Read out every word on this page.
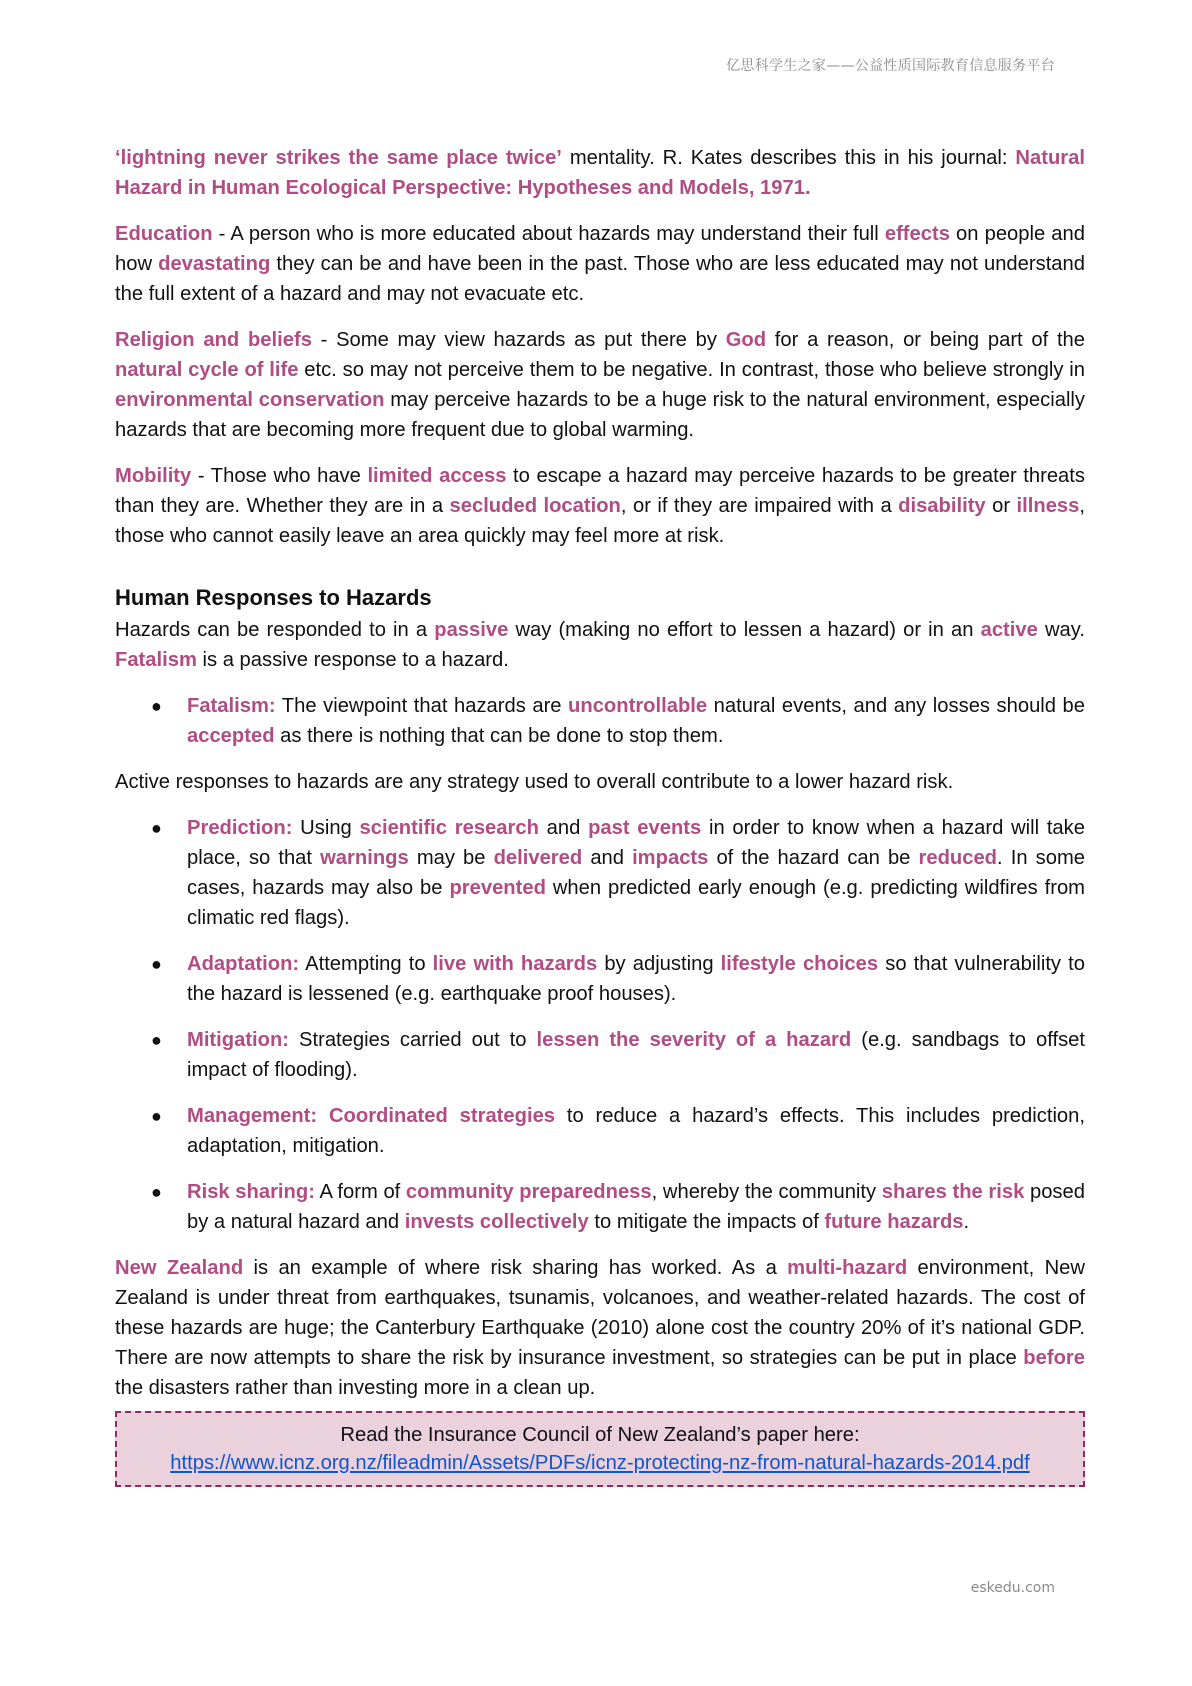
亿思科学生之家——公益性质国际教育信息服务平台

‘lightning never strikes the same place twice’ mentality. R. Kates describes this in his journal: Natural Hazard in Human Ecological Perspective: Hypotheses and Models, 1971.

Education - A person who is more educated about hazards may understand their full effects on people and how devastating they can be and have been in the past. Those who are less educated may not understand the full extent of a hazard and may not evacuate etc.

Religion and beliefs - Some may view hazards as put there by God for a reason, or being part of the natural cycle of life etc. so may not perceive them to be negative. In contrast, those who believe strongly in environmental conservation may perceive hazards to be a huge risk to the natural environment, especially hazards that are becoming more frequent due to global warming.

Mobility - Those who have limited access to escape a hazard may perceive hazards to be greater threats than they are. Whether they are in a secluded location, or if they are impaired with a disability or illness, those who cannot easily leave an area quickly may feel more at risk.

Human Responses to Hazards

Hazards can be responded to in a passive way (making no effort to lessen a hazard) or in an active way. Fatalism is a passive response to a hazard.

● Fatalism: The viewpoint that hazards are uncontrollable natural events, and any losses should be accepted as there is nothing that can be done to stop them.

Active responses to hazards are any strategy used to overall contribute to a lower hazard risk.

● Prediction: Using scientific research and past events in order to know when a hazard will take place, so that warnings may be delivered and impacts of the hazard can be reduced. In some cases, hazards may also be prevented when predicted early enough (e.g. predicting wildfires from climatic red flags).
● Adaptation: Attempting to live with hazards by adjusting lifestyle choices so that vulnerability to the hazard is lessened (e.g. earthquake proof houses).
● Mitigation: Strategies carried out to lessen the severity of a hazard (e.g. sandbags to offset impact of flooding).
● Management: Coordinated strategies to reduce a hazard’s effects. This includes prediction, adaptation, mitigation.
● Risk sharing: A form of community preparedness, whereby the community shares the risk posed by a natural hazard and invests collectively to mitigate the impacts of future hazards.

New Zealand is an example of where risk sharing has worked. As a multi-hazard environment, New Zealand is under threat from earthquakes, tsunamis, volcanoes, and weather-related hazards. The cost of these hazards are huge; the Canterbury Earthquake (2010) alone cost the country 20% of it’s national GDP. There are now attempts to share the risk by insurance investment, so strategies can be put in place before the disasters rather than investing more in a clean up.

Read the Insurance Council of New Zealand’s paper here:
https://www.icnz.org.nz/fileadmin/Assets/PDFs/icnz-protecting-nz-from-natural-hazards-2014.pdf
eskedu.com
